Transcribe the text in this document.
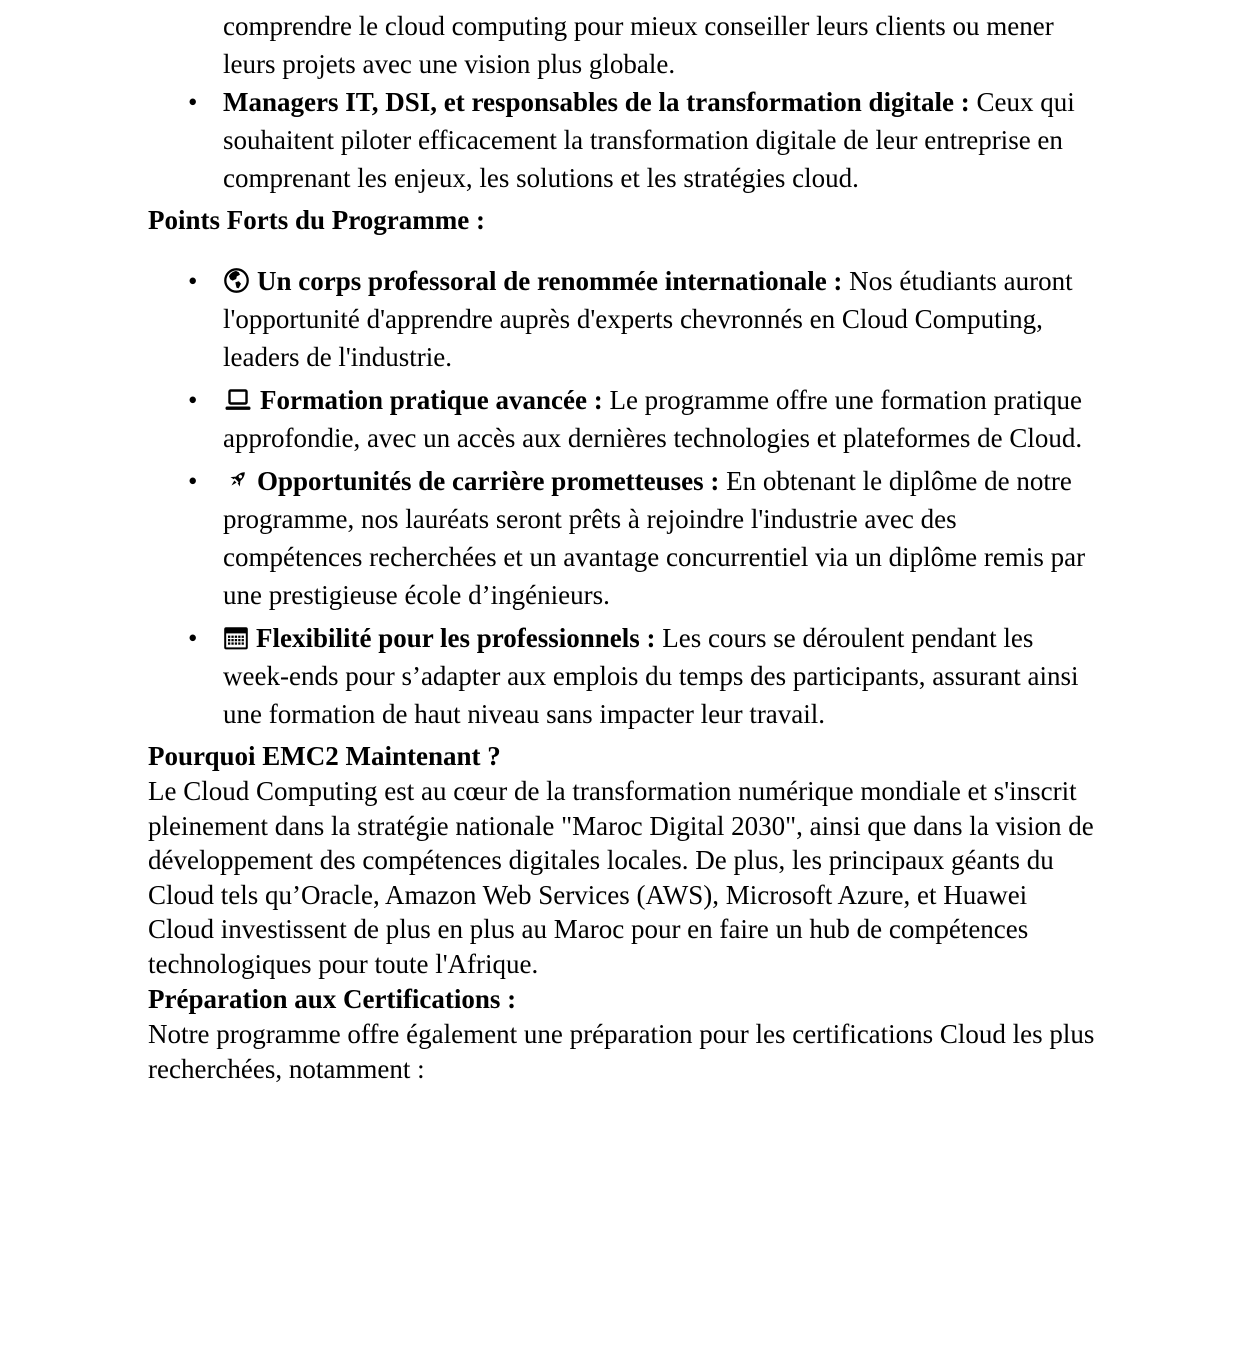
comprendre le cloud computing pour mieux conseiller leurs clients ou mener leurs projets avec une vision plus globale.
• Managers IT, DSI, et responsables de la transformation digitale : Ceux qui souhaitent piloter efficacement la transformation digitale de leur entreprise en comprenant les enjeux, les solutions et les stratégies cloud.
Points Forts du Programme :
• Un corps professoral de renommée internationale : Nos étudiants auront l'opportunité d'apprendre auprès d'experts chevronnés en Cloud Computing, leaders de l'industrie.
• Formation pratique avancée : Le programme offre une formation pratique approfondie, avec un accès aux dernières technologies et plateformes de Cloud.
• Opportunités de carrière prometteuses : En obtenant le diplôme de notre programme, nos lauréats seront prêts à rejoindre l'industrie avec des compétences recherchées et un avantage concurrentiel via un diplôme remis par une prestigieuse école d’ingénieurs.
• Flexibilité pour les professionnels : Les cours se déroulent pendant les week-ends pour s’adapter aux emplois du temps des participants, assurant ainsi une formation de haut niveau sans impacter leur travail.
Pourquoi EMC2 Maintenant ?

Le Cloud Computing est au cœur de la transformation numérique mondiale et s'inscrit pleinement dans la stratégie nationale "Maroc Digital 2030", ainsi que dans la vision de développement des compétences digitales locales. De plus, les principaux géants du Cloud tels qu’Oracle, Amazon Web Services (AWS), Microsoft Azure, et Huawei Cloud investissent de plus en plus au Maroc pour en faire un hub de compétences technologiques pour toute l'Afrique.

Préparation aux Certifications :

Notre programme offre également une préparation pour les certifications Cloud les plus recherchées, notamment :
